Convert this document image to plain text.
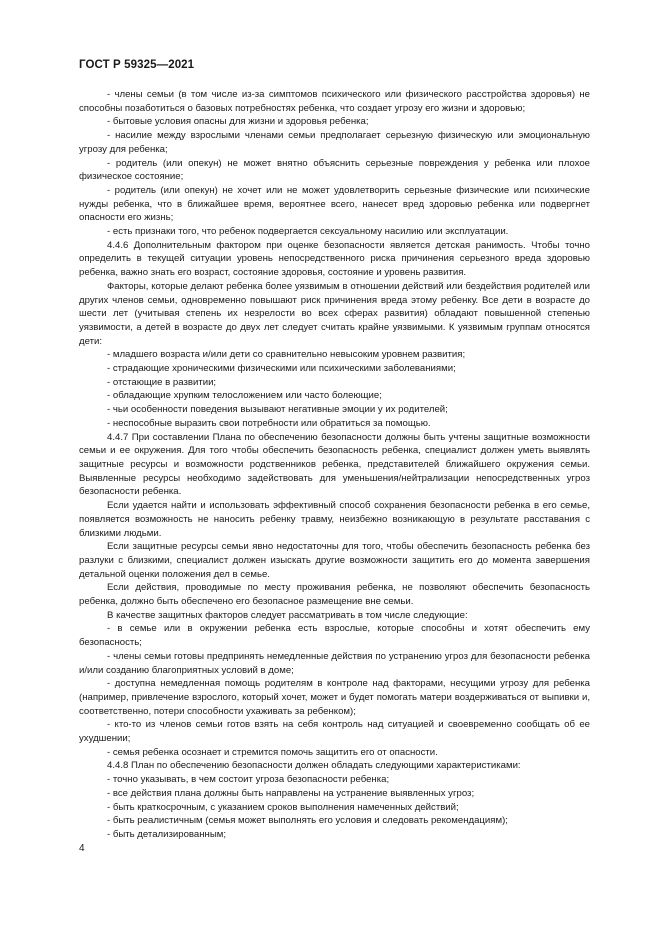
ГОСТ Р 59325—2021

- члены семьи (в том числе из-за симптомов психического или физического расстройства здоровья) не способны позаботиться о базовых потребностях ребенка, что создает угрозу его жизни и здоровью;

- бытовые условия опасны для жизни и здоровья ребенка;

- насилие между взрослыми членами семьи предполагает серьезную физическую или эмоциональную угрозу для ребенка;

- родитель (или опекун) не может внятно объяснить серьезные повреждения у ребенка или плохое физическое состояние;

- родитель (или опекун) не хочет или не может удовлетворить серьезные физические или психические нужды ребенка, что в ближайшее время, вероятнее всего, нанесет вред здоровью ребенка или подвергнет опасности его жизнь;

- есть признаки того, что ребенок подвергается сексуальному насилию или эксплуатации.

4.4.6 Дополнительным фактором при оценке безопасности является детская ранимость. Чтобы точно определить в текущей ситуации уровень непосредственного риска причинения серьезного вреда здоровью ребенка, важно знать его возраст, состояние здоровья, состояние и уровень развития.

Факторы, которые делают ребенка более уязвимым в отношении действий или бездействия родителей или других членов семьи, одновременно повышают риск причинения вреда этому ребенку. Все дети в возрасте до шести лет (учитывая степень их незрелости во всех сферах развития) обладают повышенной степенью уязвимости, а детей в возрасте до двух лет следует считать крайне уязвимыми. К уязвимым группам относятся дети:

- младшего возраста и/или дети со сравнительно невысоким уровнем развития;

- страдающие хроническими физическими или психическими заболеваниями;

- отстающие в развитии;

- обладающие хрупким телосложением или часто болеющие;

- чьи особенности поведения вызывают негативные эмоции у их родителей;

- неспособные выразить свои потребности или обратиться за помощью.

4.4.7 При составлении Плана по обеспечению безопасности должны быть учтены защитные возможности семьи и ее окружения. Для того чтобы обеспечить безопасность ребенка, специалист должен уметь выявлять защитные ресурсы и возможности родственников ребенка, представителей ближайшего окружения семьи. Выявленные ресурсы необходимо задействовать для уменьшения/нейтрализации непосредственных угроз безопасности ребенка.

Если удается найти и использовать эффективный способ сохранения безопасности ребенка в его семье, появляется возможность не наносить ребенку травму, неизбежно возникающую в результате расставания с близкими людьми.

Если защитные ресурсы семьи явно недостаточны для того, чтобы обеспечить безопасность ребенка без разлуки с близкими, специалист должен изыскать другие возможности защитить его до момента завершения детальной оценки положения дел в семье.

Если действия, проводимые по месту проживания ребенка, не позволяют обеспечить безопасность ребенка, должно быть обеспечено его безопасное размещение вне семьи.

В качестве защитных факторов следует рассматривать в том числе следующие:

- в семье или в окружении ребенка есть взрослые, которые способны и хотят обеспечить ему безопасность;

- члены семьи готовы предпринять немедленные действия по устранению угроз для безопасности ребенка и/или созданию благоприятных условий в доме;

- доступна немедленная помощь родителям в контроле над факторами, несущими угрозу для ребенка (например, привлечение взрослого, который хочет, может и будет помогать матери воздерживаться от выпивки и, соответственно, потери способности ухаживать за ребенком);

- кто-то из членов семьи готов взять на себя контроль над ситуацией и своевременно сообщать об ее ухудшении;

- семья ребенка осознает и стремится помочь защитить его от опасности.

4.4.8 План по обеспечению безопасности должен обладать следующими характеристиками:

- точно указывать, в чем состоит угроза безопасности ребенка;

- все действия плана должны быть направлены на устранение выявленных угроз;

- быть краткосрочным, с указанием сроков выполнения намеченных действий;

- быть реалистичным (семья может выполнять его условия и следовать рекомендациям);

- быть детализированным;

4
